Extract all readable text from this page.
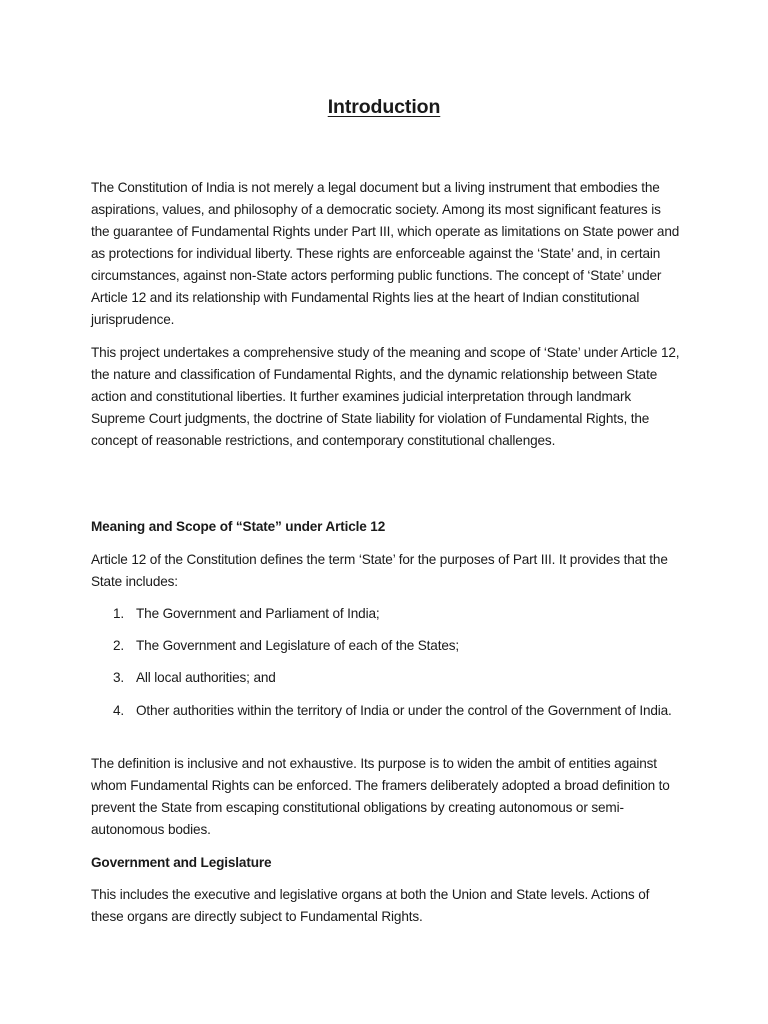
Introduction

The Constitution of India is not merely a legal document but a living instrument that embodies the aspirations, values, and philosophy of a democratic society. Among its most significant features is the guarantee of Fundamental Rights under Part III, which operate as limitations on State power and as protections for individual liberty. These rights are enforceable against the ‘State’ and, in certain circumstances, against non-State actors performing public functions. The concept of ‘State’ under Article 12 and its relationship with Fundamental Rights lies at the heart of Indian constitutional jurisprudence.

This project undertakes a comprehensive study of the meaning and scope of ‘State’ under Article 12, the nature and classification of Fundamental Rights, and the dynamic relationship between State action and constitutional liberties. It further examines judicial interpretation through landmark Supreme Court judgments, the doctrine of State liability for violation of Fundamental Rights, the concept of reasonable restrictions, and contemporary constitutional challenges.

Meaning and Scope of “State” under Article 12

Article 12 of the Constitution defines the term ‘State’ for the purposes of Part III. It provides that the State includes:

1. The Government and Parliament of India;
2. The Government and Legislature of each of the States;
3. All local authorities; and
4. Other authorities within the territory of India or under the control of the Government of India.

The definition is inclusive and not exhaustive. Its purpose is to widen the ambit of entities against whom Fundamental Rights can be enforced. The framers deliberately adopted a broad definition to prevent the State from escaping constitutional obligations by creating autonomous or semi-autonomous bodies.

Government and Legislature

This includes the executive and legislative organs at both the Union and State levels. Actions of these organs are directly subject to Fundamental Rights.
